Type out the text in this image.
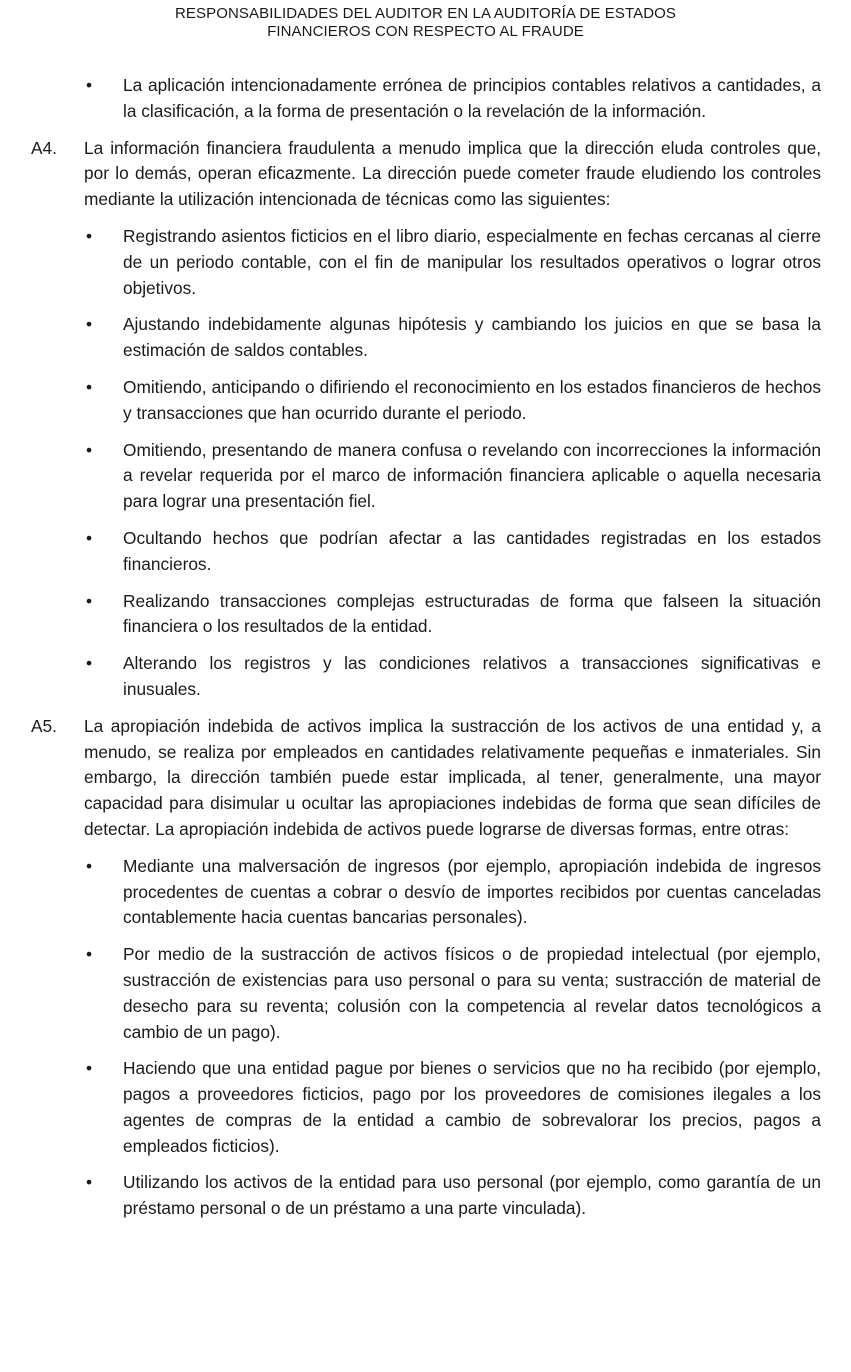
RESPONSABILIDADES DEL AUDITOR EN LA AUDITORÍA DE ESTADOS
FINANCIEROS CON RESPECTO AL FRAUDE
• La aplicación intencionadamente errónea de principios contables relativos a cantidades, a la clasificación, a la forma de presentación o la revelación de la información.
A4. La información financiera fraudulenta a menudo implica que la dirección eluda controles que, por lo demás, operan eficazmente. La dirección puede cometer fraude eludiendo los controles mediante la utilización intencionada de técnicas como las siguientes:
• Registrando asientos ficticios en el libro diario, especialmente en fechas cercanas al cierre de un periodo contable, con el fin de manipular los resultados operativos o lograr otros objetivos.
• Ajustando indebidamente algunas hipótesis y cambiando los juicios en que se basa la estimación de saldos contables.
• Omitiendo, anticipando o difiriendo el reconocimiento en los estados financieros de hechos y transacciones que han ocurrido durante el periodo.
• Omitiendo, presentando de manera confusa o revelando con incorrecciones la información a revelar requerida por el marco de información financiera aplicable o aquella necesaria para lograr una presentación fiel.
• Ocultando hechos que podrían afectar a las cantidades registradas en los estados financieros.
• Realizando transacciones complejas estructuradas de forma que falseen la situación financiera o los resultados de la entidad.
• Alterando los registros y las condiciones relativos a transacciones significativas e inusuales.
A5. La apropiación indebida de activos implica la sustracción de los activos de una entidad y, a menudo, se realiza por empleados en cantidades relativamente pequeñas e inmateriales. Sin embargo, la dirección también puede estar implicada, al tener, generalmente, una mayor capacidad para disimular u ocultar las apropiaciones indebidas de forma que sean difíciles de detectar. La apropiación indebida de activos puede lograrse de diversas formas, entre otras:
• Mediante una malversación de ingresos (por ejemplo, apropiación indebida de ingresos procedentes de cuentas a cobrar o desvío de importes recibidos por cuentas canceladas contablemente hacia cuentas bancarias personales).
• Por medio de la sustracción de activos físicos o de propiedad intelectual (por ejemplo, sustracción de existencias para uso personal o para su venta; sustracción de material de desecho para su reventa; colusión con la competencia al revelar datos tecnológicos a cambio de un pago).
• Haciendo que una entidad pague por bienes o servicios que no ha recibido (por ejemplo, pagos a proveedores ficticios, pago por los proveedores de comisiones ilegales a los agentes de compras de la entidad a cambio de sobrevalorar los precios, pagos a empleados ficticios).
• Utilizando los activos de la entidad para uso personal (por ejemplo, como garantía de un préstamo personal o de un préstamo a una parte vinculada).
